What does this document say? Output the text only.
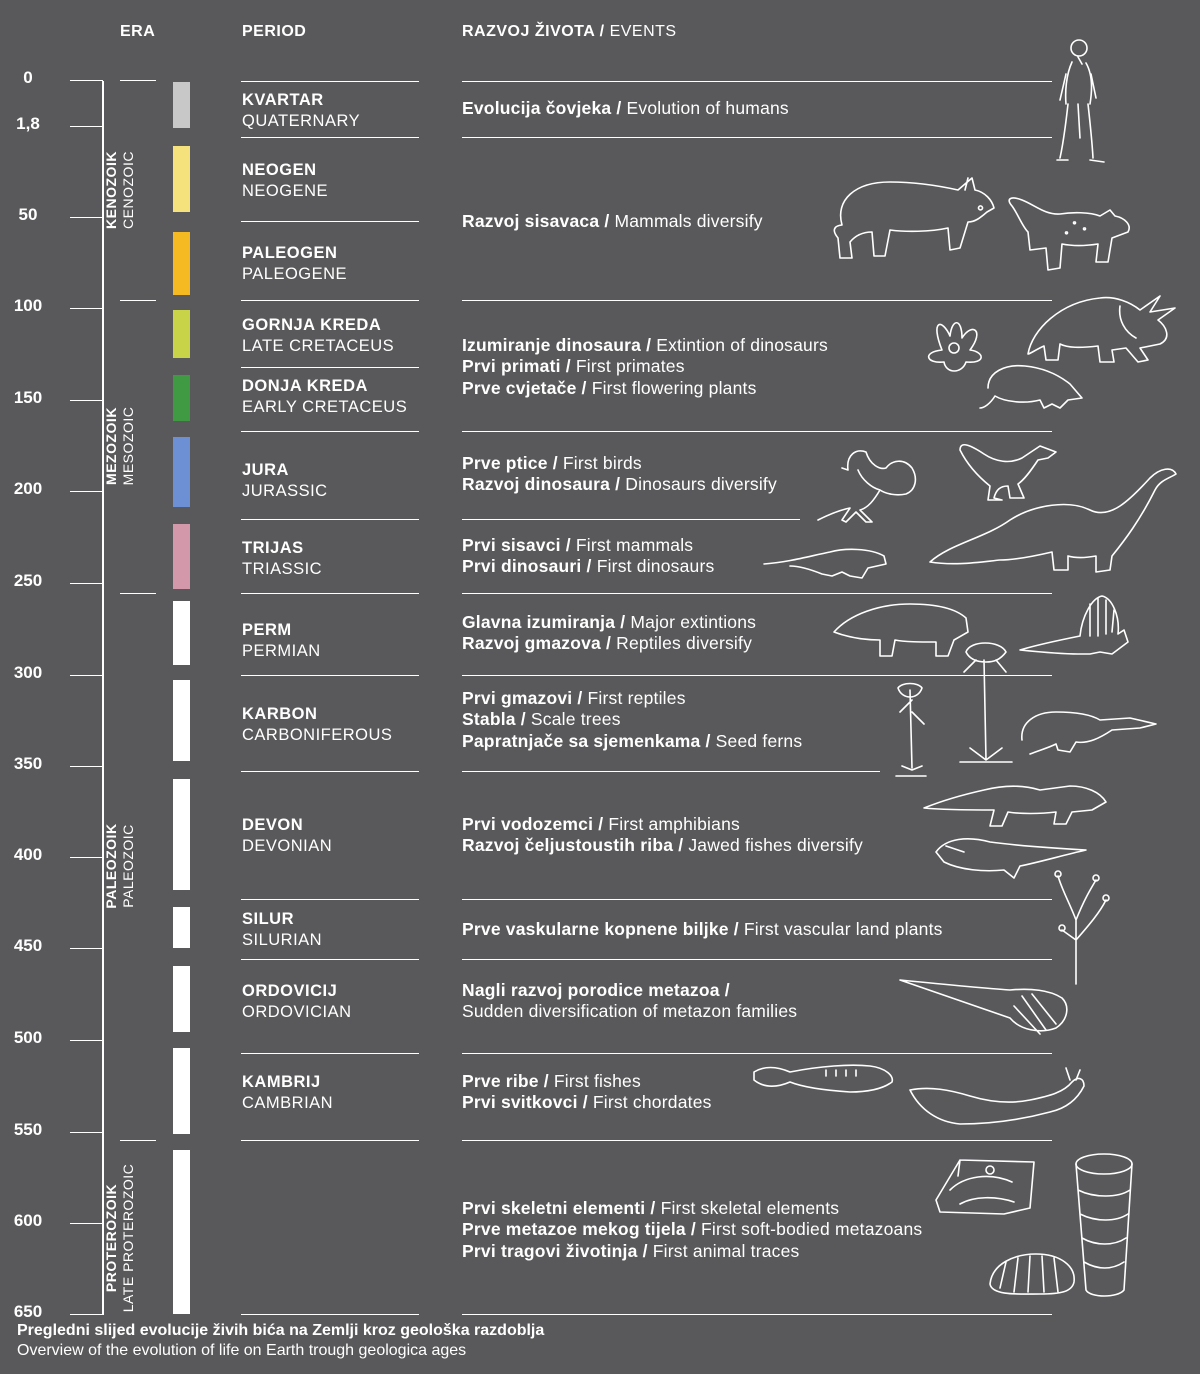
ERA	PERIOD	RAZVOJ ŽIVOTA / EVENTS
0
1,8
50
100
150
200
250
300
350
400
450
500
550
600
650
KENOZOIK CENOZOIC
MEZOZOIK MESOZOIC
PALEOZOIK PALEOZOIC
PROTEROZOIK LATE PROTEROZOIC
KVARTAR
QUATERNARY
NEOGEN
NEOGENE
PALEOGEN
PALEOGENE
GORNJA KREDA
LATE CRETACEUS
DONJA KREDA
EARLY CRETACEUS
JURA
JURASSIC
TRIJAS
TRIASSIC
PERM
PERMIAN
KARBON
CARBONIFEROUS
DEVON
DEVONIAN
SILUR
SILURIAN
ORDOVICIJ
ORDOVICIAN
KAMBRIJ
CAMBRIAN
Evolucija čovjeka / Evolution of humans
Razvoj sisavaca / Mammals diversify
Izumiranje dinosaura / Extintion of dinosaurs
Prvi primati / First primates
Prve cvjetače / First flowering plants
Prve ptice / First birds
Razvoj dinosaura / Dinosaurs diversify
Prvi sisavci / First mammals
Prvi dinosauri / First dinosaurs
Glavna izumiranja / Major extintions
Razvoj gmazova / Reptiles diversify
Prvi gmazovi / First reptiles
Stabla / Scale trees
Papratnjače sa sjemenkama / Seed ferns
Prvi vodozemci / First amphibians
Razvoj čeljustoustih riba / Jawed fishes diversify
Prve vaskularne kopnene biljke / First vascular land plants
Nagli razvoj porodice metazoa /
Sudden diversification of metazon families
Prve ribe / First fishes
Prvi svitkovci / First chordates
Prvi skeletni elementi / First skeletal elements
Prve metazoe mekog tijela / First soft-bodied metazoans
Prvi tragovi životinja / First animal traces
Pregledni slijed evolucije živih bića na Zemlji kroz geološka razdoblja
Overview of the evolution of life on Earth trough geologica ages
